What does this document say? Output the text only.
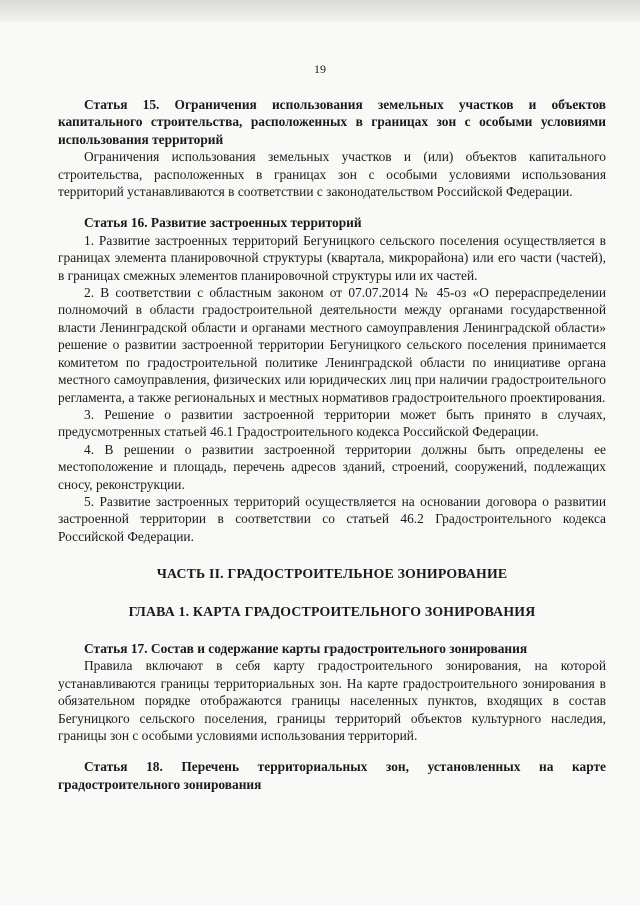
19

Статья 15. Ограничения использования земельных участков и объектов капитального строительства, расположенных в границах зон с особыми условиями использования территорий

Ограничения использования земельных участков и (или) объектов капитального строительства, расположенных в границах зон с особыми условиями использования территорий устанавливаются в соответствии с законодательством Российской Федерации.

Статья 16. Развитие застроенных территорий

1. Развитие застроенных территорий Бегуницкого сельского поселения осуществляется в границах элемента планировочной структуры (квартала, микрорайона) или его части (частей), в границах смежных элементов планировочной структуры или их частей.

2. В соответствии с областным законом от 07.07.2014 № 45-оз «О перераспределении полномочий в области градостроительной деятельности между органами государственной власти Ленинградской области и органами местного самоуправления Ленинградской области» решение о развитии застроенной территории Бегуницкого сельского поселения принимается комитетом по градостроительной политике Ленинградской области по инициативе органа местного самоуправления, физических или юридических лиц при наличии градостроительного регламента, а также региональных и местных нормативов градостроительного проектирования.

3. Решение о развитии застроенной территории может быть принято в случаях, предусмотренных статьей 46.1 Градостроительного кодекса Российской Федерации.

4. В решении о развитии застроенной территории должны быть определены ее местоположение и площадь, перечень адресов зданий, строений, сооружений, подлежащих сносу, реконструкции.

5. Развитие застроенных территорий осуществляется на основании договора о развитии застроенной территории в соответствии со статьей 46.2 Градостроительного кодекса Российской Федерации.

ЧАСТЬ II. ГРАДОСТРОИТЕЛЬНОЕ ЗОНИРОВАНИЕ

ГЛАВА 1. КАРТА ГРАДОСТРОИТЕЛЬНОГО ЗОНИРОВАНИЯ

Статья 17. Состав и содержание карты градостроительного зонирования

Правила включают в себя карту градостроительного зонирования, на которой устанавливаются границы территориальных зон. На карте градостроительного зонирования в обязательном порядке отображаются границы населенных пунктов, входящих в состав Бегуницкого сельского поселения, границы территорий объектов культурного наследия, границы зон с особыми условиями использования территорий.

Статья 18. Перечень территориальных зон, установленных на карте градостроительного зонирования
